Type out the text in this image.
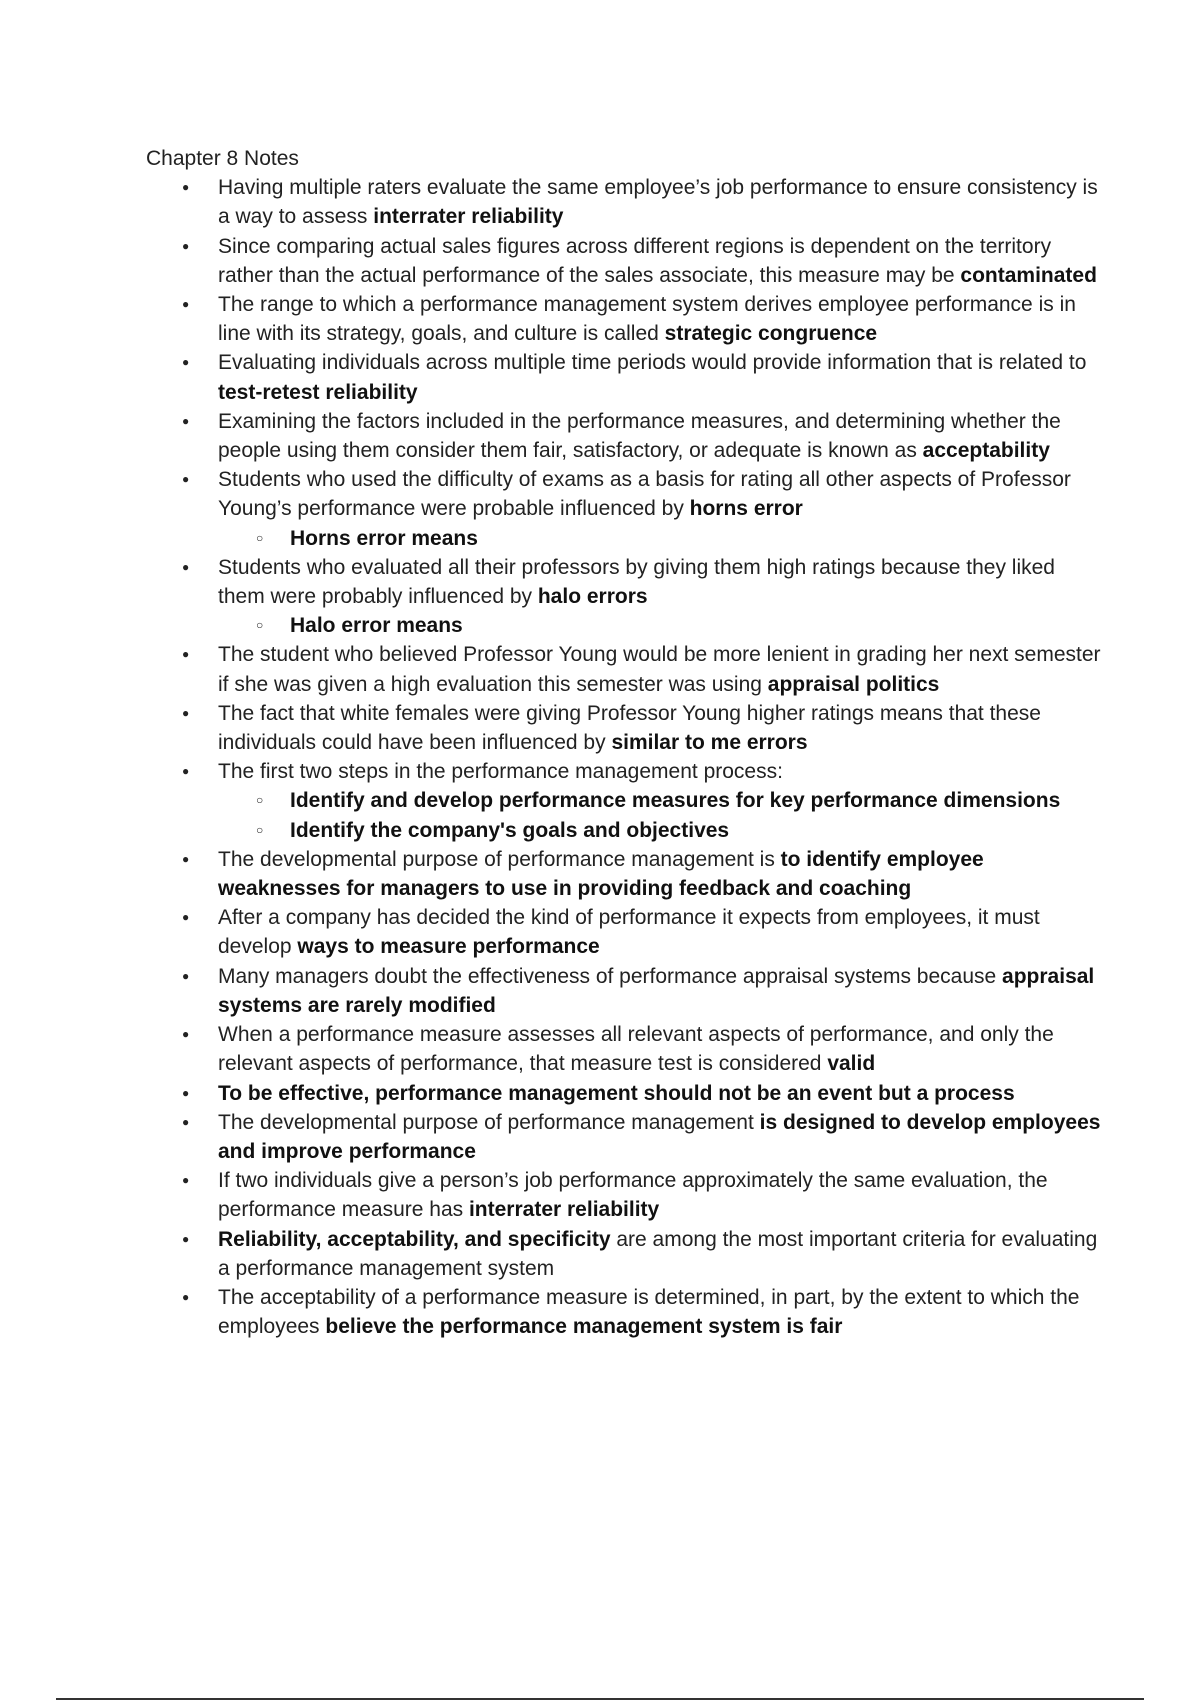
Chapter 8 Notes
● Having multiple raters evaluate the same employee’s job performance to ensure consistency is a way to assess interrater reliability
● Since comparing actual sales figures across different regions is dependent on the territory rather than the actual performance of the sales associate, this measure may be contaminated
● The range to which a performance management system derives employee performance is in line with its strategy, goals, and culture is called strategic congruence
● Evaluating individuals across multiple time periods would provide information that is related to test-retest reliability
● Examining the factors included in the performance measures, and determining whether the people using them consider them fair, satisfactory, or adequate is known as acceptability
● Students who used the difficulty of exams as a basis for rating all other aspects of Professor Young’s performance were probable influenced by horns error
○ Horns error means
● Students who evaluated all their professors by giving them high ratings because they liked them were probably influenced by halo errors
○ Halo error means
● The student who believed Professor Young would be more lenient in grading her next semester if she was given a high evaluation this semester was using appraisal politics
● The fact that white females were giving Professor Young higher ratings means that these individuals could have been influenced by similar to me errors
● The first two steps in the performance management process:
○ Identify and develop performance measures for key performance dimensions
○ Identify the company's goals and objectives
● The developmental purpose of performance management is to identify employee weaknesses for managers to use in providing feedback and coaching
● After a company has decided the kind of performance it expects from employees, it must develop ways to measure performance
● Many managers doubt the effectiveness of performance appraisal systems because appraisal systems are rarely modified
● When a performance measure assesses all relevant aspects of performance, and only the relevant aspects of performance, that measure test is considered valid
● To be effective, performance management should not be an event but a process
● The developmental purpose of performance management is designed to develop employees and improve performance
● If two individuals give a person’s job performance approximately the same evaluation, the performance measure has interrater reliability
● Reliability, acceptability, and specificity are among the most important criteria for evaluating a performance management system
● The acceptability of a performance measure is determined, in part, by the extent to which the employees believe the performance management system is fair
